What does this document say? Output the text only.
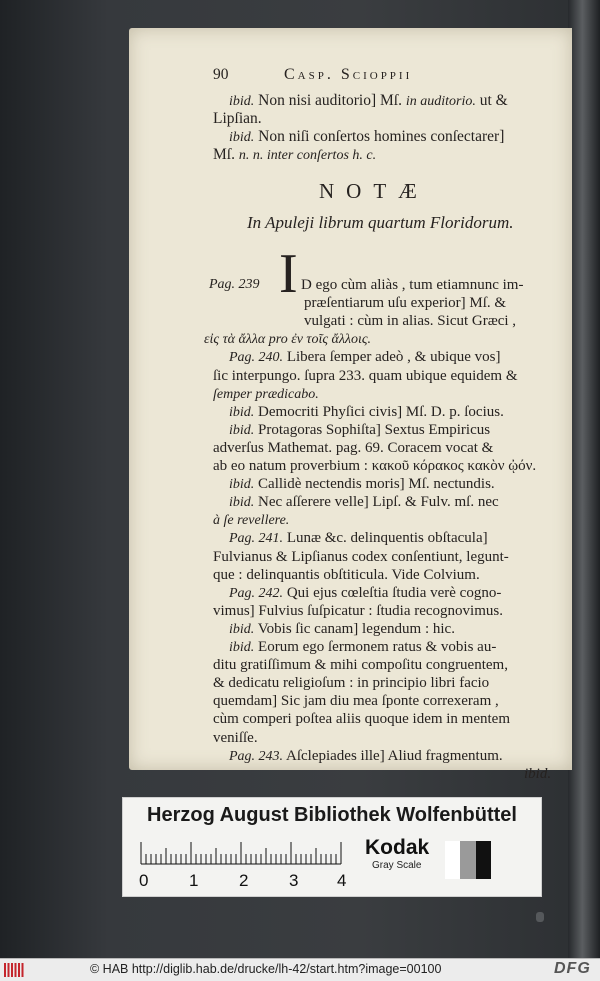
90	Casp. Scioppii
ibid. Non nisi auditorio] Mſ. in auditorio. ut &
Lipſian.
ibid. Non niſi conſertos homines conſectarer]
Mſ. n. n. inter conſertos h. c.
NOTÆ
In Apuleji librum quartum Floridorum.
Pag. 239	D ego cùm aliàs , tum etiamnunc im-
præſentiarum uſu experior] Mſ. &
vulgati : cùm in alias. Sicut Græci ,
εἰς τὰ ἄλλα pro ἐν τοῖς ἄλλοις.
Pag. 240. Libera ſemper adeò , & ubique vos]
ſic interpungo. ſupra 233. quam ubique equidem &
ſemper prædicabo.
ibid. Democriti Phyſici civis] Mſ. D. p. ſocius.
ibid. Protagoras Sophiſta] Sextus Empiricus
adverſus Mathemat. pag. 69. Coracem vocat &
ab eo natum proverbium : κακοῦ κόρακος κακὸν ᾠόν.
ibid. Callidè nectendis moris] Mſ. nectundis.
ibid. Nec aſſerere velle] Lipſ. & Fulv. mſ. nec
à ſe revellere.
Pag. 241. Lunæ &c. delinquentis obſtacula]
Fulvianus & Lipſianus codex conſentiunt, legunt-
que : delinquantis obſtiticula. Vide Colvium.
Pag. 242. Qui ejus cœleſtia ſtudia verè cogno-
vimus] Fulvius ſuſpicatur : ſtudia recognovimus.
ibid. Vobis ſic canam] legendum : hic.
ibid. Eorum ego ſermonem ratus & vobis au-
ditu gratiſſimum & mihi compoſitu congruentem,
& dedicatu religioſum : in principio libri facio
quemdam] Sic jam diu mea ſponte correxeram ,
cùm comperi poſtea aliis quoque idem in mentem
veniſſe.
Pag. 243. Aſclepiades ille] Aliud fragmentum.
ibid.
I
Herzog August Bibliothek Wolfenbüttel
0 1 2 3 4
Kodak
Gray Scale
© HAB http://diglib.hab.de/drucke/lh-42/start.htm?image=00100	DFG
